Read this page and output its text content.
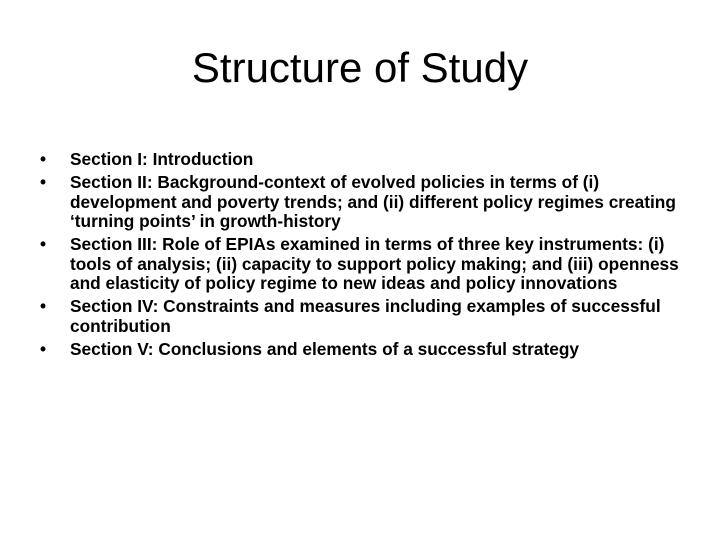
Structure of Study
• Section I: Introduction
• Section II: Background-context of evolved policies in terms of (i) development and poverty trends; and (ii) different policy regimes creating ‘turning points’ in growth-history
• Section III: Role of EPIAs examined in terms of three key instruments: (i) tools of analysis; (ii) capacity to support policy making; and (iii) openness and elasticity of policy regime to new ideas and policy innovations
• Section IV: Constraints and measures including examples of successful contribution
• Section V: Conclusions and elements of a successful strategy
